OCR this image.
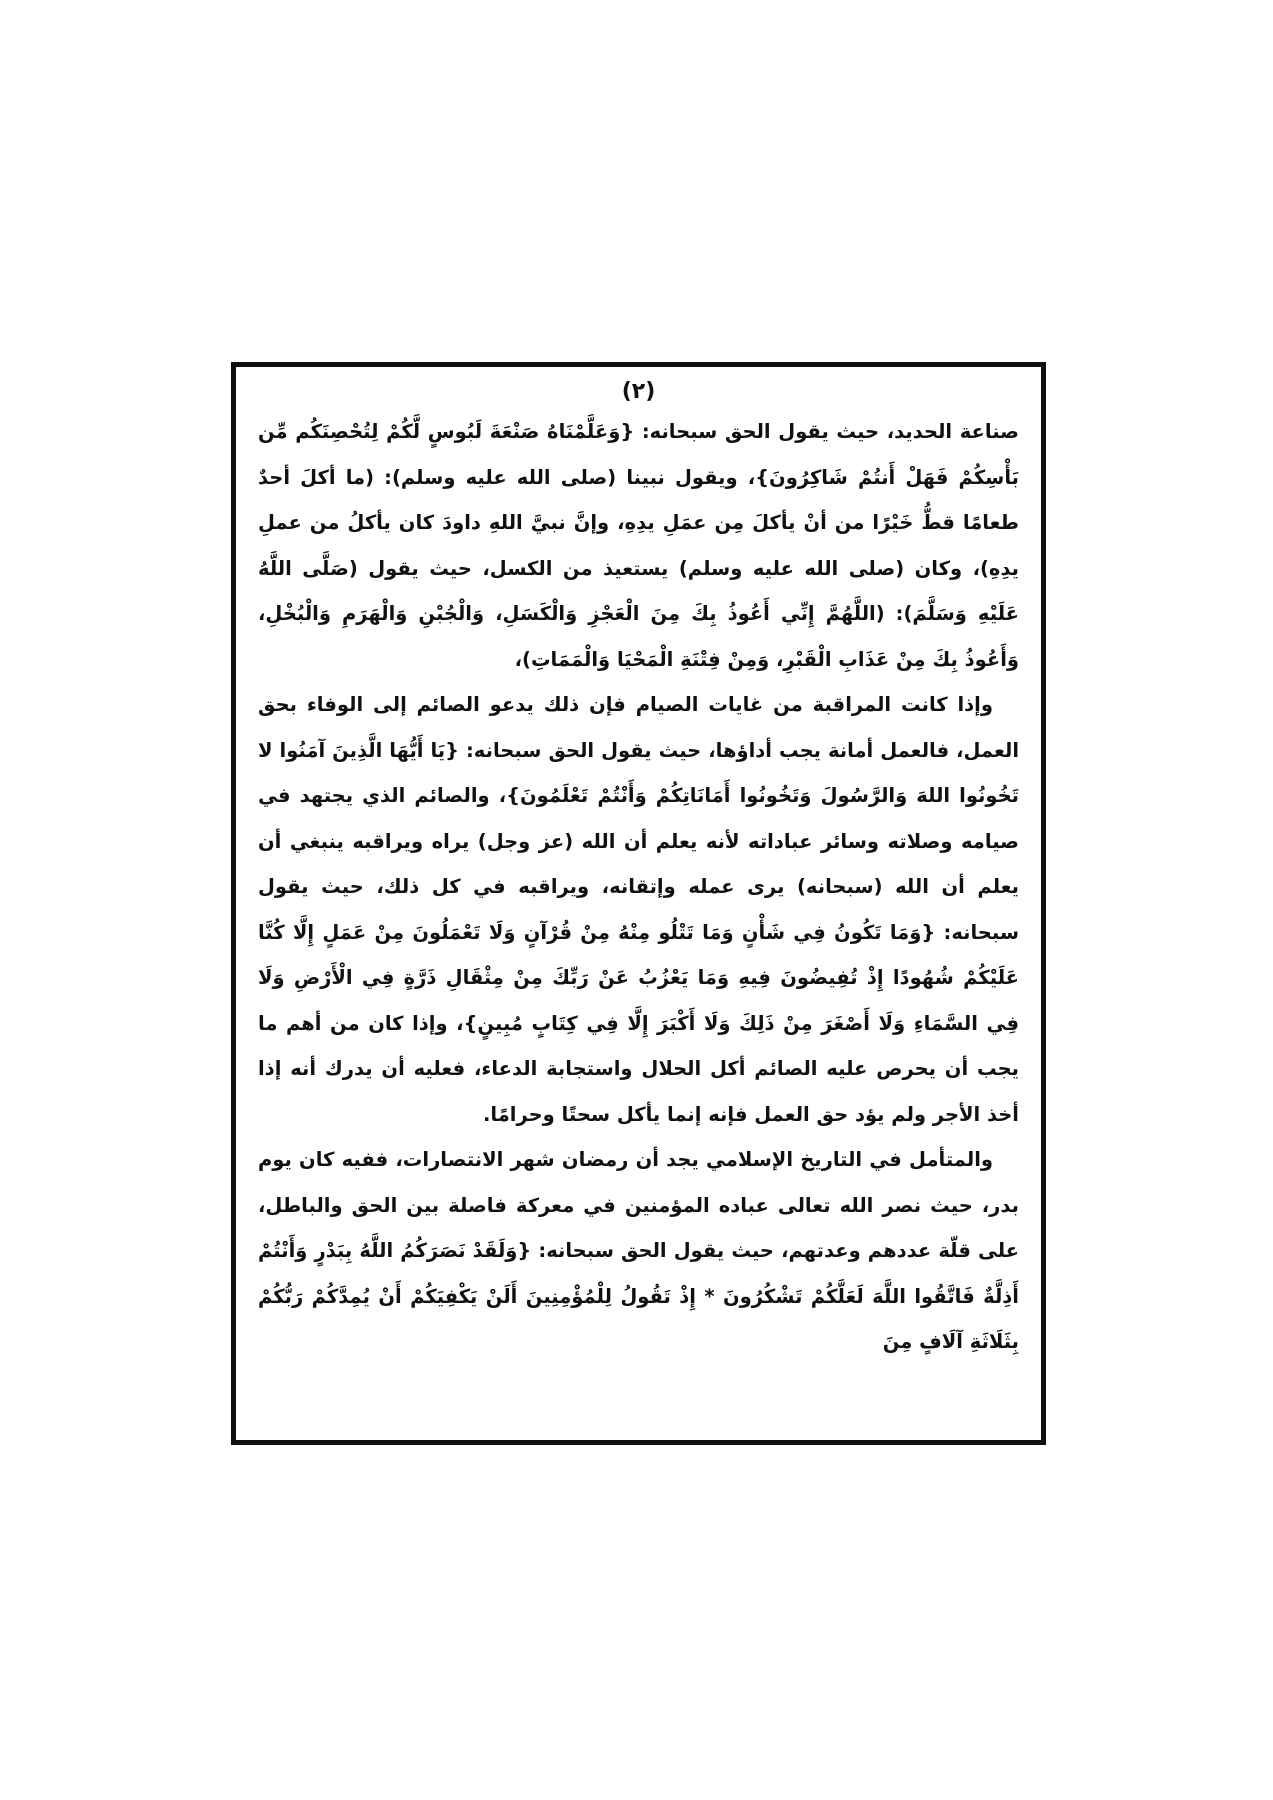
(٢)

صناعة الحديد، حيث يقول الحق سبحانه: {وَعَلَّمْنَاهُ صَنْعَةَ لَبُوسٍ لَّكُمْ لِتُحْصِنَكُم مِّن بَأْسِكُمْ فَهَلْ أَنتُمْ شَاكِرُونَ}، ويقول نبينا (صلى الله عليه وسلم): (ما أكلَ أحدٌ طعامًا قطُّ خَيْرًا من أنْ يأكلَ مِن عمَلِ يدِهِ، وإنَّ نبيَّ اللهِ داودَ كان يأكلُ من عملِ يدِهِ)، وكان (صلى الله عليه وسلم) يستعيذ من الكسل، حيث يقول (صَلَّى اللَّهُ عَلَيْهِ وَسَلَّمَ): (اللَّهُمَّ إِنِّي أَعُوذُ بِكَ مِنَ الْعَجْزِ وَالْكَسَلِ، وَالْجُبْنِ وَالْهَرَمِ وَالْبُخْلِ، وَأَعُوذُ بِكَ مِنْ عَذَابِ الْقَبْرِ، وَمِنْ فِتْنَةِ الْمَحْيَا وَالْمَمَاتِ)،

وإذا كانت المراقبة من غايات الصيام فإن ذلك يدعو الصائم إلى الوفاء بحق العمل، فالعمل أمانة يجب أداؤها، حيث يقول الحق سبحانه: {يَا أَيُّهَا الَّذِينَ آمَنُوا لا تَخُونُوا اللهَ وَالرَّسُولَ وَتَخُونُوا أَمَانَاتِكُمْ وَأَنْتُمْ تَعْلَمُونَ}، والصائم الذي يجتهد في صيامه وصلاته وسائر عباداته لأنه يعلم أن الله (عز وجل) يراه ويراقبه ينبغي أن يعلم أن الله (سبحانه) يرى عمله وإتقانه، ويراقبه في كل ذلك، حيث يقول سبحانه: {وَمَا تَكُونُ فِي شَأْنٍ وَمَا تَتْلُو مِنْهُ مِنْ قُرْآنٍ وَلَا تَعْمَلُونَ مِنْ عَمَلٍ إِلَّا كُنَّا عَلَيْكُمْ شُهُودًا إِذْ تُفِيضُونَ فِيهِ وَمَا يَعْزُبُ عَنْ رَبِّكَ مِنْ مِثْقَالِ ذَرَّةٍ فِي الْأَرْضِ وَلَا فِي السَّمَاءِ وَلَا أَصْغَرَ مِنْ ذَلِكَ وَلَا أَكْبَرَ إِلَّا فِي كِتَابٍ مُبِينٍ}، وإذا كان من أهم ما يجب أن يحرص عليه الصائم أكل الحلال واستجابة الدعاء، فعليه أن يدرك أنه إذا أخذ الأجر ولم يؤد حق العمل فإنه إنما يأكل سحتًا وحرامًا.

والمتأمل في التاريخ الإسلامي يجد أن رمضان شهر الانتصارات، ففيه كان يوم بدر، حيث نصر الله تعالى عباده المؤمنين في معركة فاصلة بين الحق والباطل، على قلّة عددهم وعدتهم، حيث يقول الحق سبحانه: {وَلَقَدْ نَصَرَكُمُ اللَّهُ بِبَدْرٍ وَأَنْتُمْ أَذِلَّةٌ فَاتَّقُوا اللَّهَ لَعَلَّكُمْ تَشْكُرُونَ * إِذْ تَقُولُ لِلْمُؤْمِنِينَ أَلَنْ يَكْفِيَكُمْ أَنْ يُمِدَّكُمْ رَبُّكُمْ بِثَلَاثَةِ آلَافٍ مِنَ
